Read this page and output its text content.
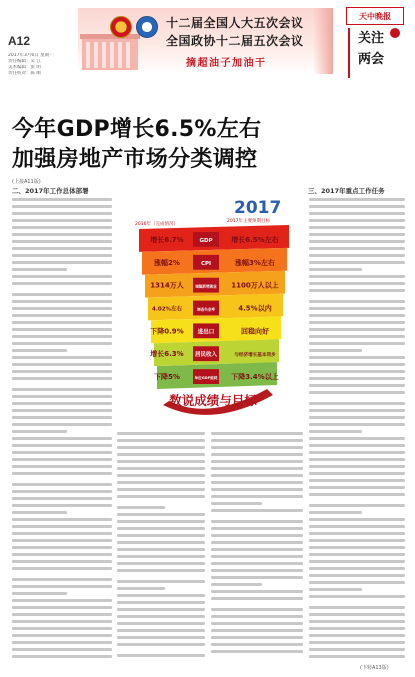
A12
2017年3月6日 星期一
责任编辑：吴 江
美术编辑：张 明
责任校对：陈 刚
十二届全国人大五次会议
全国政协十二届五次会议
摘超油子加油干
天中晚报
关注
两会
今年GDP增长6.5%左右
加强房地产市场分类调控
(上接A11版)
二、2017年工作总体部署	三、2017年重点工作任务
增长6.7%	GDP	增长6.5%左右
涨幅2%	CPI	涨幅3%左右
1314万人	城镇新增就业 1100万人以上
4.02%左右	调查失业率	4.5%以内
下降0.9%	进出口	回稳向好
增长6.3% 居民收入	与经济增长基本同步
下降5%	单位GDP能耗 下降3.4%以上
2017
2017年主要预期目标
2016年（完成情况）
数说成绩与目标
(下转A13版)
